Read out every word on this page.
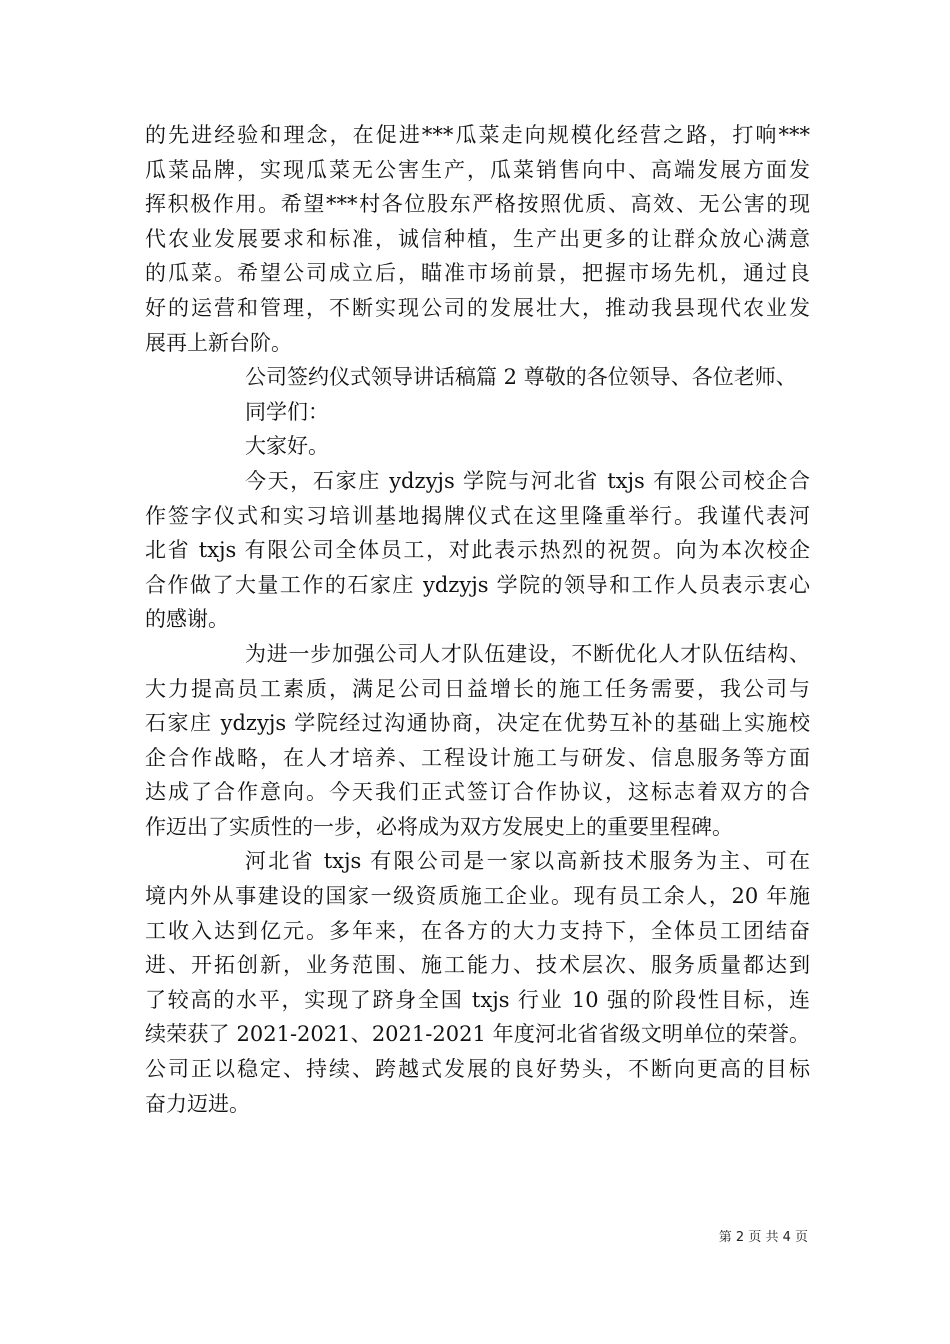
的先进经验和理念，在促进***瓜菜走向规模化经营之路，打响***
瓜菜品牌，实现瓜菜无公害生产，瓜菜销售向中、高端发展方面发
挥积极作用。希望***村各位股东严格按照优质、高效、无公害的现
代农业发展要求和标准，诚信种植，生产出更多的让群众放心满意
的瓜菜。希望公司成立后，瞄准市场前景，把握市场先机，通过良
好的运营和管理，不断实现公司的发展壮大，推动我县现代农业发
展再上新台阶。
公司签约仪式领导讲话稿篇 2 尊敬的各位领导、各位老师、
同学们：
大家好。
今天，石家庄 ydzyjs 学院与河北省 txjs 有限公司校企合
作签字仪式和实习培训基地揭牌仪式在这里隆重举行。我谨代表河
北省 txjs 有限公司全体员工，对此表示热烈的祝贺。向为本次校企
合作做了大量工作的石家庄 ydzyjs 学院的领导和工作人员表示衷心
的感谢。
为进一步加强公司人才队伍建设，不断优化人才队伍结构、
大力提高员工素质，满足公司日益增长的施工任务需要，我公司与
石家庄 ydzyjs 学院经过沟通协商，决定在优势互补的基础上实施校
企合作战略，在人才培养、工程设计施工与研发、信息服务等方面
达成了合作意向。今天我们正式签订合作协议，这标志着双方的合
作迈出了实质性的一步，必将成为双方发展史上的重要里程碑。
河北省 txjs 有限公司是一家以高新技术服务为主、可在
境内外从事建设的国家一级资质施工企业。现有员工余人，20 年施
工收入达到亿元。多年来，在各方的大力支持下，全体员工团结奋
进、开拓创新，业务范围、施工能力、技术层次、服务质量都达到
了较高的水平，实现了跻身全国 txjs 行业 10 强的阶段性目标，连
续荣获了 2021-2021、2021-2021 年度河北省省级文明单位的荣誉。
公司正以稳定、持续、跨越式发展的良好势头，不断向更高的目标
奋力迈进。
第 2 页 共 4 页
